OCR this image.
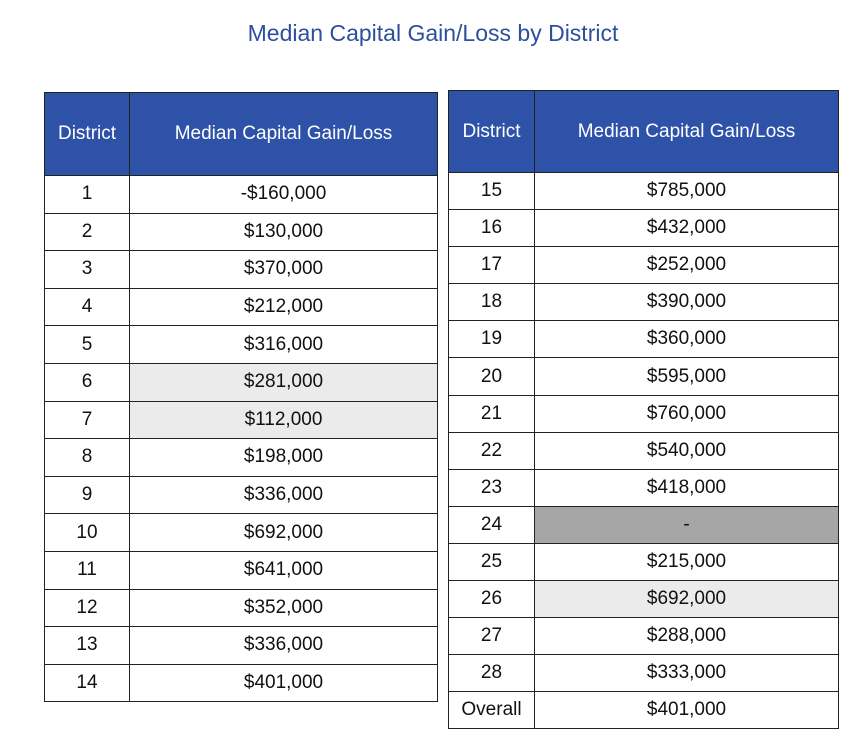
Median Capital Gain/Loss by District
District	Median Capital Gain/Loss
1	-$160,000
2	$130,000
3	$370,000
4	$212,000
5	$316,000
6	$281,000
7	$112,000
8	$198,000
9	$336,000
10	$692,000
11	$641,000
12	$352,000
13	$336,000
14	$401,000
District	Median Capital Gain/Loss
15	$785,000
16	$432,000
17	$252,000
18	$390,000
19	$360,000
20	$595,000
21	$760,000
22	$540,000
23	$418,000
24	-
25	$215,000
26	$692,000
27	$288,000
28	$333,000
Overall	$401,000
